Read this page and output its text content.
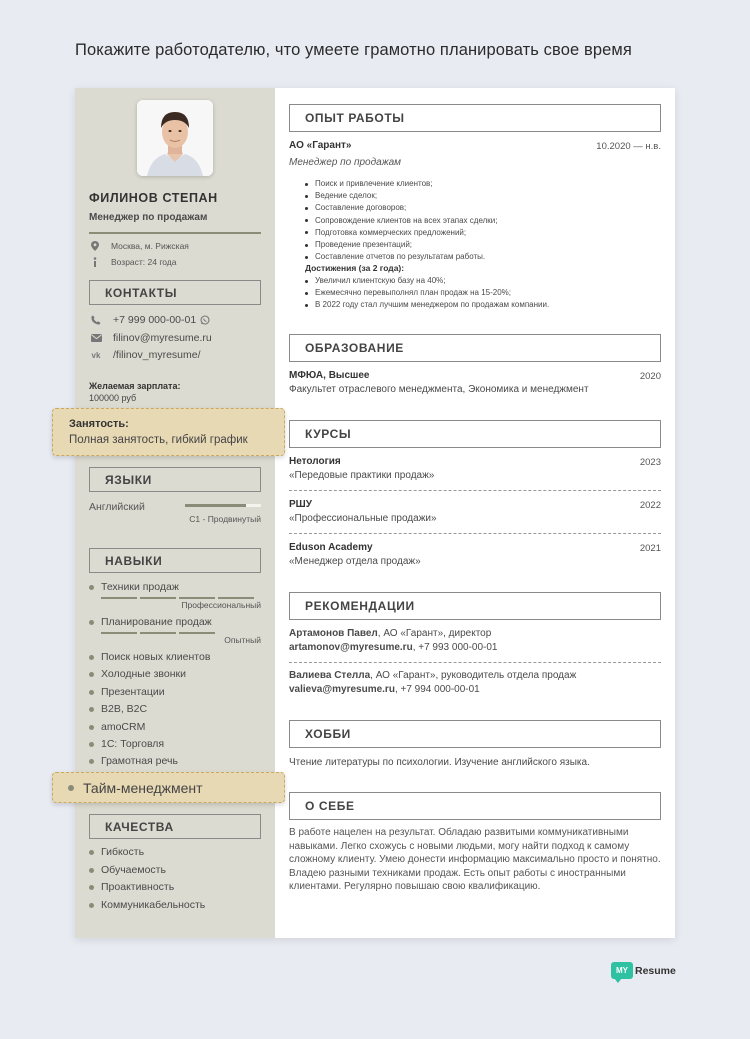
Покажите работодателю, что умеете грамотно планировать свое время
ФИЛИНОВ СТЕПАН
Менеджер по продажам
Москва, м. Рижская
Возраст: 24 года
КОНТАКТЫ
+7 999 000-00-01
filinov@myresume.ru
vk /filinov_myresume/
Желаемая зарплата:
100000 руб
ЯЗЫКИ
Английский
C1 - Продвинутый
НАВЫКИ
Техники продаж
Профессиональный
Планирование продаж
Опытный
Поиск новых клиентов
Холодные звонки
Презентации
B2B, B2C
amoCRM
1С: Торговля
Грамотная речь
КАЧЕСТВА
Гибкость
Обучаемость
Проактивность
Коммуникабельность
ОПЫТ РАБОТЫ
АО «Гарант»	10.2020 — н.в.
Менеджер по продажам
Поиск и привлечение клиентов;
Ведение сделок;
Составление договоров;
Сопровождение клиентов на всех этапах сделки;
Подготовка коммерческих предложений;
Проведение презентаций;
Составление отчетов по результатам работы.
Достижения (за 2 года):
Увеличил клиентскую базу на 40%;
Ежемесячно перевыполнял план продаж на 15-20%;
В 2022 году стал лучшим менеджером по продажам компании.
ОБРАЗОВАНИЕ
МФЮА, Высшее	2020
Факультет отраслевого менеджмента, Экономика и менеджмент
КУРСЫ
Нетология	2023
«Передовые практики продаж»
РШУ	2022
«Профессиональные продажи»
Eduson Academy	2021
«Менеджер отдела продаж»
РЕКОМЕНДАЦИИ
Артамонов Павел, АО «Гарант», директор
artamonov@myresume.ru, +7 993 000-00-01
Валиева Стелла, АО «Гарант», руководитель отдела продаж
valieva@myresume.ru, +7 994 000-00-01
ХОББИ
Чтение литературы по психологии. Изучение английского языка.
О СЕБЕ
В работе нацелен на результат. Обладаю развитыми коммуникативными навыками. Легко схожусь с новыми людьми, могу найти подход к самому сложному клиенту. Умею донести информацию максимально просто и понятно. Владею разными техниками продаж. Есть опыт работы с иностранными клиентами. Регулярно повышаю свою квалификацию.
Занятость:
Полная занятость, гибкий график
Тайм-менеджмент
MY Resume
